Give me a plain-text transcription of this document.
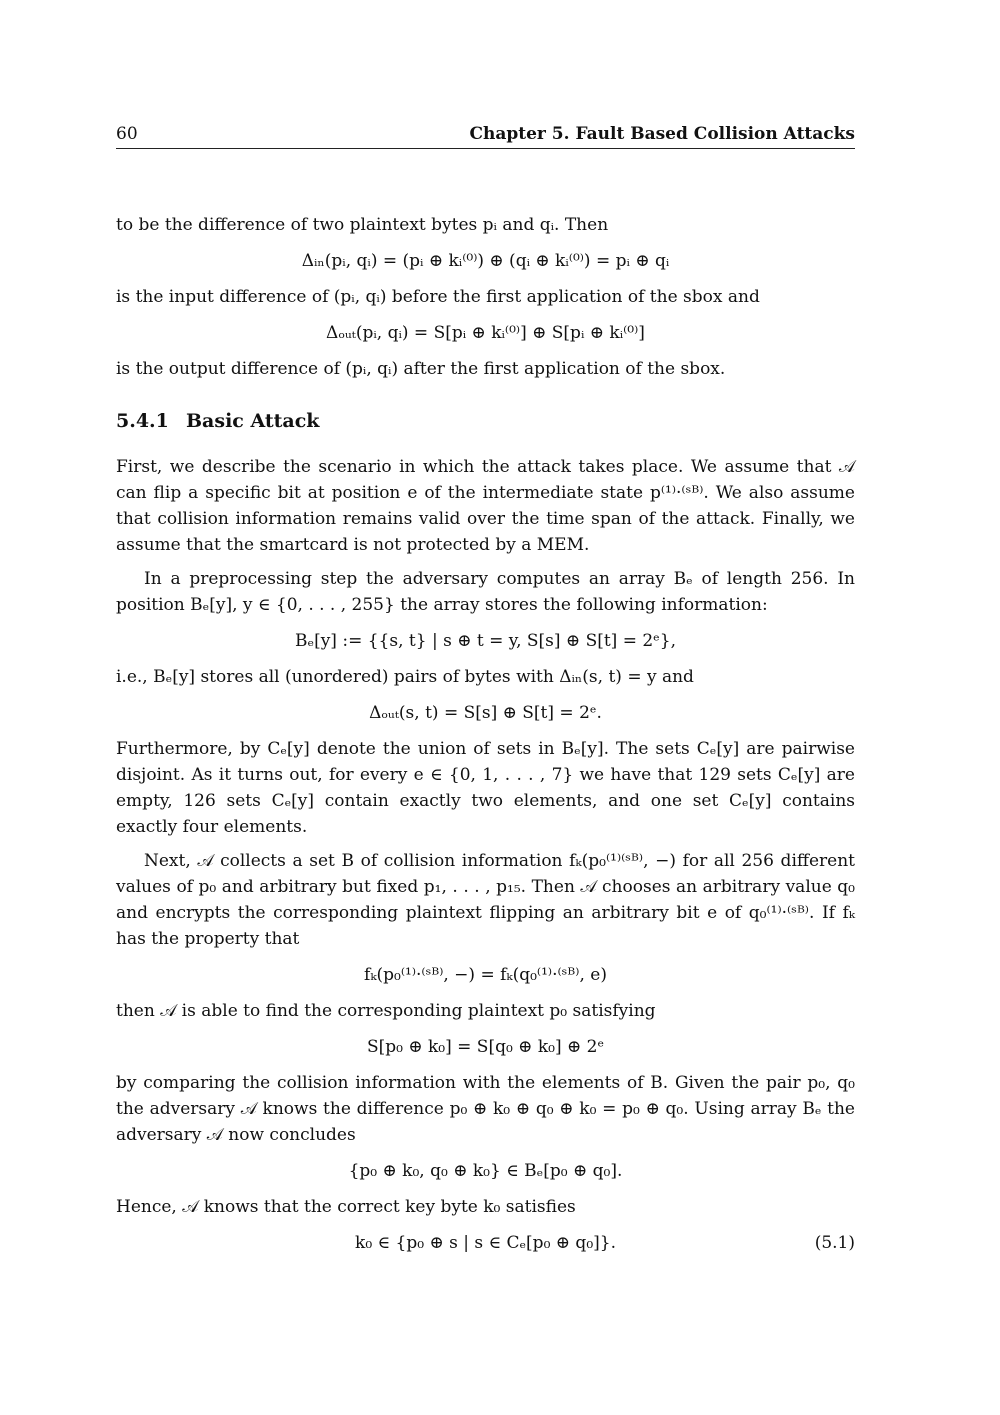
60	Chapter 5. Fault Based Collision Attacks

to be the difference of two plaintext bytes pᵢ and qᵢ. Then

Δᵢₙ(pᵢ, qᵢ) = (pᵢ ⊕ kᵢ⁽⁰⁾) ⊕ (qᵢ ⊕ kᵢ⁽⁰⁾) = pᵢ ⊕ qᵢ

is the input difference of (pᵢ, qᵢ) before the first application of the sbox and

Δₒᵤₜ(pᵢ, qᵢ) = S[pᵢ ⊕ kᵢ⁽⁰⁾] ⊕ S[pᵢ ⊕ kᵢ⁽⁰⁾]

is the output difference of (pᵢ, qᵢ) after the first application of the sbox.

5.4.1 Basic Attack

First, we describe the scenario in which the attack takes place. We assume that 𝒜 can flip a specific bit at position e of the intermediate state p⁽¹⁾·⁽ˢᴮ⁾. We also assume that collision information remains valid over the time span of the attack. Finally, we assume that the smartcard is not protected by a MEM.

In a preprocessing step the adversary computes an array Bₑ of length 256. In position Bₑ[y], y ∈ {0, . . . , 255} the array stores the following information:

Bₑ[y] := {{s, t} | s ⊕ t = y, S[s] ⊕ S[t] = 2ᵉ},

i.e., Bₑ[y] stores all (unordered) pairs of bytes with Δᵢₙ(s, t) = y and

Δₒᵤₜ(s, t) = S[s] ⊕ S[t] = 2ᵉ.

Furthermore, by Cₑ[y] denote the union of sets in Bₑ[y]. The sets Cₑ[y] are pairwise disjoint. As it turns out, for every e ∈ {0, 1, . . . , 7} we have that 129 sets Cₑ[y] are empty, 126 sets Cₑ[y] contain exactly two elements, and one set Cₑ[y] contains exactly four elements.

Next, 𝒜 collects a set B of collision information fₖ(p₀⁽¹⁾⁽ˢᴮ⁾, −) for all 256 different values of p₀ and arbitrary but fixed p₁, . . . , p₁₅. Then 𝒜 chooses an arbitrary value q₀ and encrypts the corresponding plaintext flipping an arbitrary bit e of q₀⁽¹⁾·⁽ˢᴮ⁾. If fₖ has the property that

fₖ(p₀⁽¹⁾·⁽ˢᴮ⁾, −) = fₖ(q₀⁽¹⁾·⁽ˢᴮ⁾, e)

then 𝒜 is able to find the corresponding plaintext p₀ satisfying

S[p₀ ⊕ k₀] = S[q₀ ⊕ k₀] ⊕ 2ᵉ

by comparing the collision information with the elements of B. Given the pair p₀, q₀ the adversary 𝒜 knows the difference p₀ ⊕ k₀ ⊕ q₀ ⊕ k₀ = p₀ ⊕ q₀. Using array Bₑ the adversary 𝒜 now concludes

{p₀ ⊕ k₀, q₀ ⊕ k₀} ∈ Bₑ[p₀ ⊕ q₀].

Hence, 𝒜 knows that the correct key byte k₀ satisfies

k₀ ∈ {p₀ ⊕ s | s ∈ Cₑ[p₀ ⊕ q₀]}.	(5.1)
